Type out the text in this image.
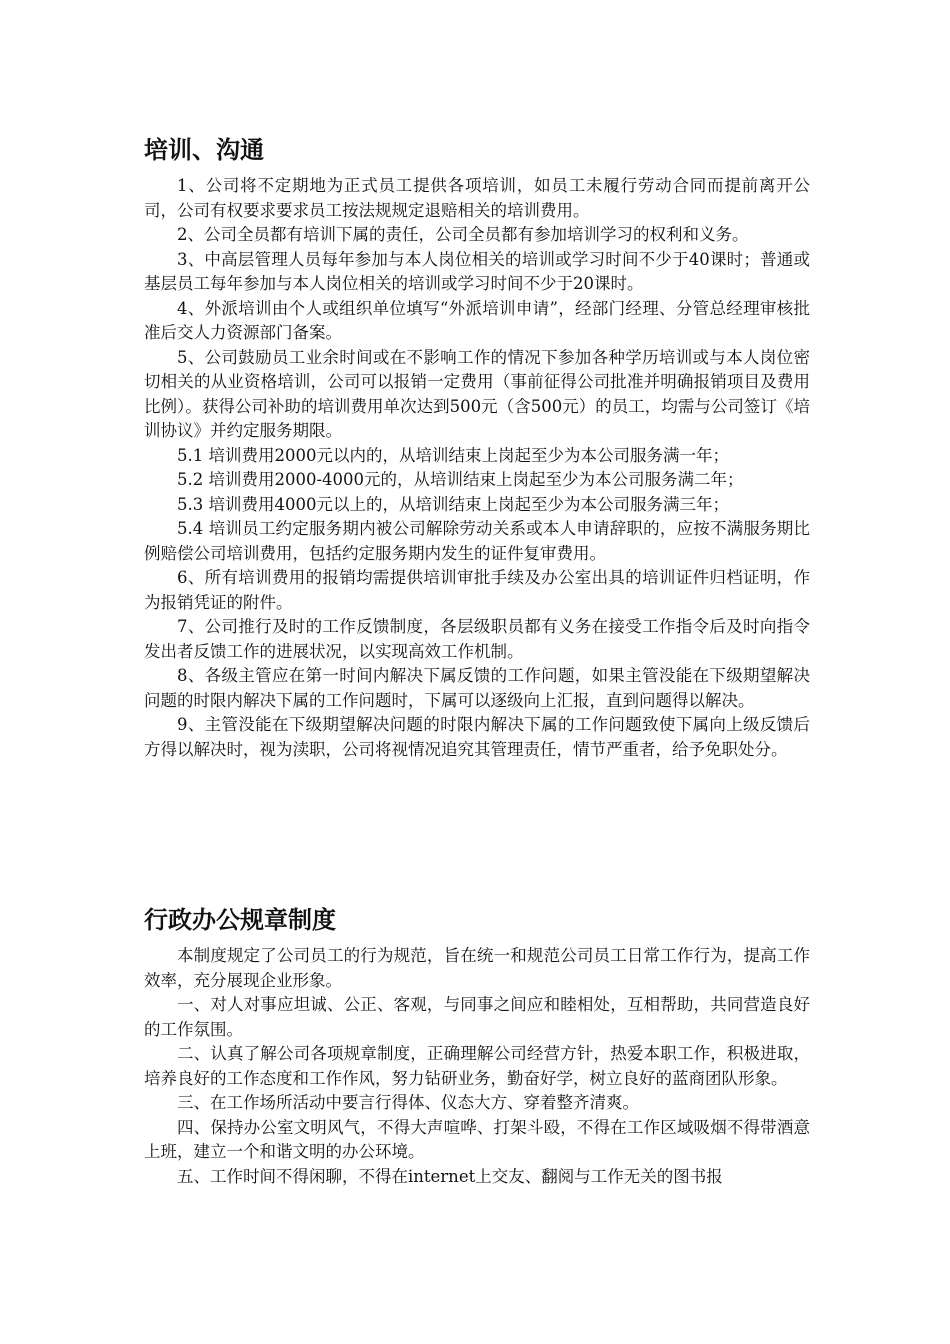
培训、沟通

1、公司将不定期地为正式员工提供各项培训，如员工未履行劳动合同而提前离开公司，公司有权要求要求员工按法规规定退赔相关的培训费用。

2、公司全员都有培训下属的责任，公司全员都有参加培训学习的权利和义务。

3、中高层管理人员每年参加与本人岗位相关的培训或学习时间不少于40课时；普通或基层员工每年参加与本人岗位相关的培训或学习时间不少于20课时。

4、外派培训由个人或组织单位填写“外派培训申请”，经部门经理、分管总经理审核批准后交人力资源部门备案。

5、公司鼓励员工业余时间或在不影响工作的情况下参加各种学历培训或与本人岗位密切相关的从业资格培训，公司可以报销一定费用（事前征得公司批准并明确报销项目及费用比例）。获得公司补助的培训费用单次达到500元（含500元）的员工，均需与公司签订《培训协议》并约定服务期限。

5.1 培训费用2000元以内的，从培训结束上岗起至少为本公司服务满一年；

5.2 培训费用2000-4000元的，从培训结束上岗起至少为本公司服务满二年；

5.3 培训费用4000元以上的，从培训结束上岗起至少为本公司服务满三年；

5.4 培训员工约定服务期内被公司解除劳动关系或本人申请辞职的，应按不满服务期比例赔偿公司培训费用，包括约定服务期内发生的证件复审费用。

6、所有培训费用的报销均需提供培训审批手续及办公室出具的培训证件归档证明，作为报销凭证的附件。

7、公司推行及时的工作反馈制度，各层级职员都有义务在接受工作指令后及时向指令发出者反馈工作的进展状况，以实现高效工作机制。

8、各级主管应在第一时间内解决下属反馈的工作问题，如果主管没能在下级期望解决问题的时限内解决下属的工作问题时，下属可以逐级向上汇报，直到问题得以解决。

9、主管没能在下级期望解决问题的时限内解决下属的工作问题致使下属向上级反馈后方得以解决时，视为渎职，公司将视情况追究其管理责任，情节严重者，给予免职处分。

行政办公规章制度

本制度规定了公司员工的行为规范，旨在统一和规范公司员工日常工作行为，提高工作效率，充分展现企业形象。

一、对人对事应坦诚、公正、客观，与同事之间应和睦相处，互相帮助，共同营造良好的工作氛围。

二、认真了解公司各项规章制度，正确理解公司经营方针，热爱本职工作，积极进取，培养良好的工作态度和工作作风，努力钻研业务，勤奋好学，树立良好的蓝商团队形象。

三、在工作场所活动中要言行得体、仪态大方、穿着整齐清爽。

四、保持办公室文明风气，不得大声喧哗、打架斗殴，不得在工作区域吸烟不得带酒意上班，建立一个和谐文明的办公环境。

五、工作时间不得闲聊，不得在internet上交友、翻阅与工作无关的图书报
